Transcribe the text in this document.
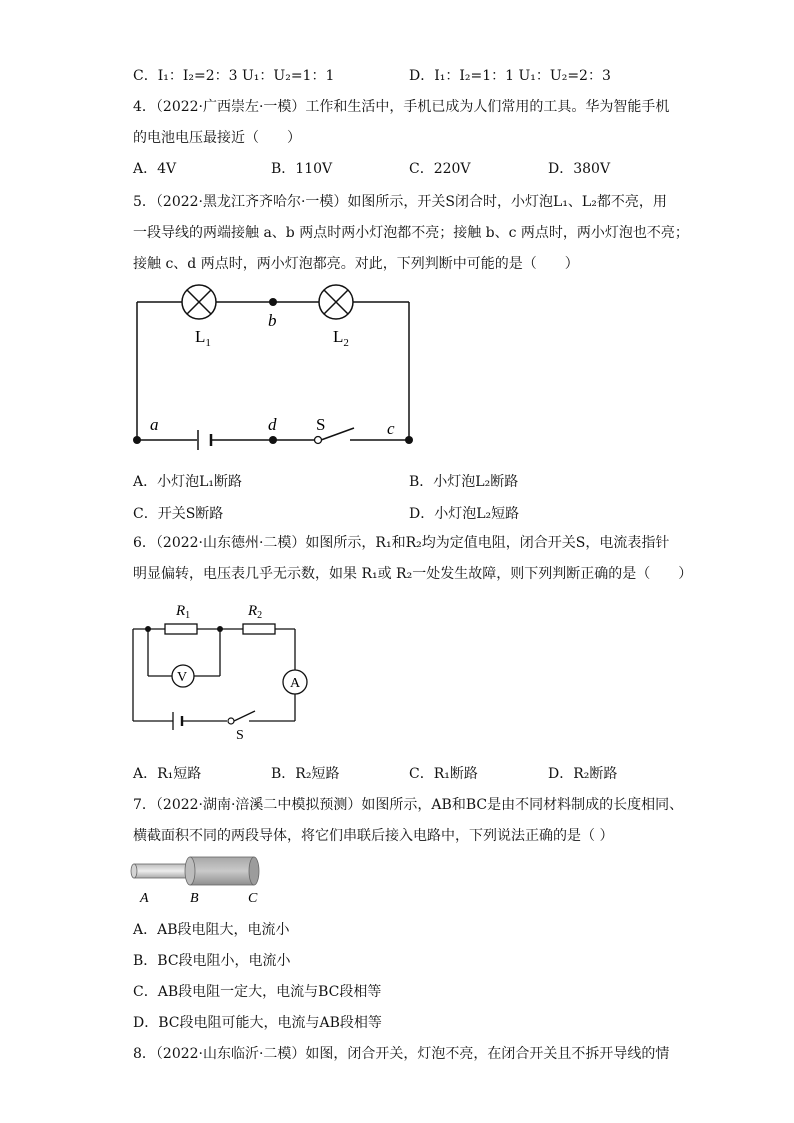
C．I₁：I₂=2：3 U₁：U₂=1：1	D．I₁：I₂=1：1 U₁：U₂=2：3
4．（2022·广西崇左·一模）工作和生活中，手机已成为人们常用的工具。华为智能手机
的电池电压最接近（　　）
A．4V	B．110V	C．220V	D．380V
5．（2022·黑龙江齐齐哈尔·一模）如图所示，开关S闭合时，小灯泡L₁、L₂都不亮，用
一段导线的两端接触 a、b 两点时两小灯泡都不亮；接触 b、c 两点时，两小灯泡也不亮；
接触 c、d 两点时，两小灯泡都亮。对此，下列判断中可能的是（　　）
$L_1$	$L_2$
b
a	d S	c
A．小灯泡L₁断路	B．小灯泡L₂断路
C．开关S断路	D．小灯泡L₂短路
6．（2022·山东德州·二模）如图所示，R₁和R₂均为定值电阻，闭合开关S，电流表指针
明显偏转，电压表几乎无示数，如果 R₁或 R₂一处发生故障，则下列判断正确的是（　　）
V	A
$R_1$	$R_2$
S
A．R₁短路	B．R₂短路	C．R₁断路	D．R₂断路
7．（2022·湖南·涪溪二中模拟预测）如图所示，AB和BC是由不同材料制成的长度相同、
横截面积不同的两段导体，将它们串联后接入电路中，下列说法正确的是（ ）
A	B	C
A．AB段电阻大，电流小
B．BC段电阻小，电流小
C．AB段电阻一定大，电流与BC段相等
D．BC段电阻可能大，电流与AB段相等
8．（2022·山东临沂·二模）如图，闭合开关，灯泡不亮，在闭合开关且不拆开导线的情
